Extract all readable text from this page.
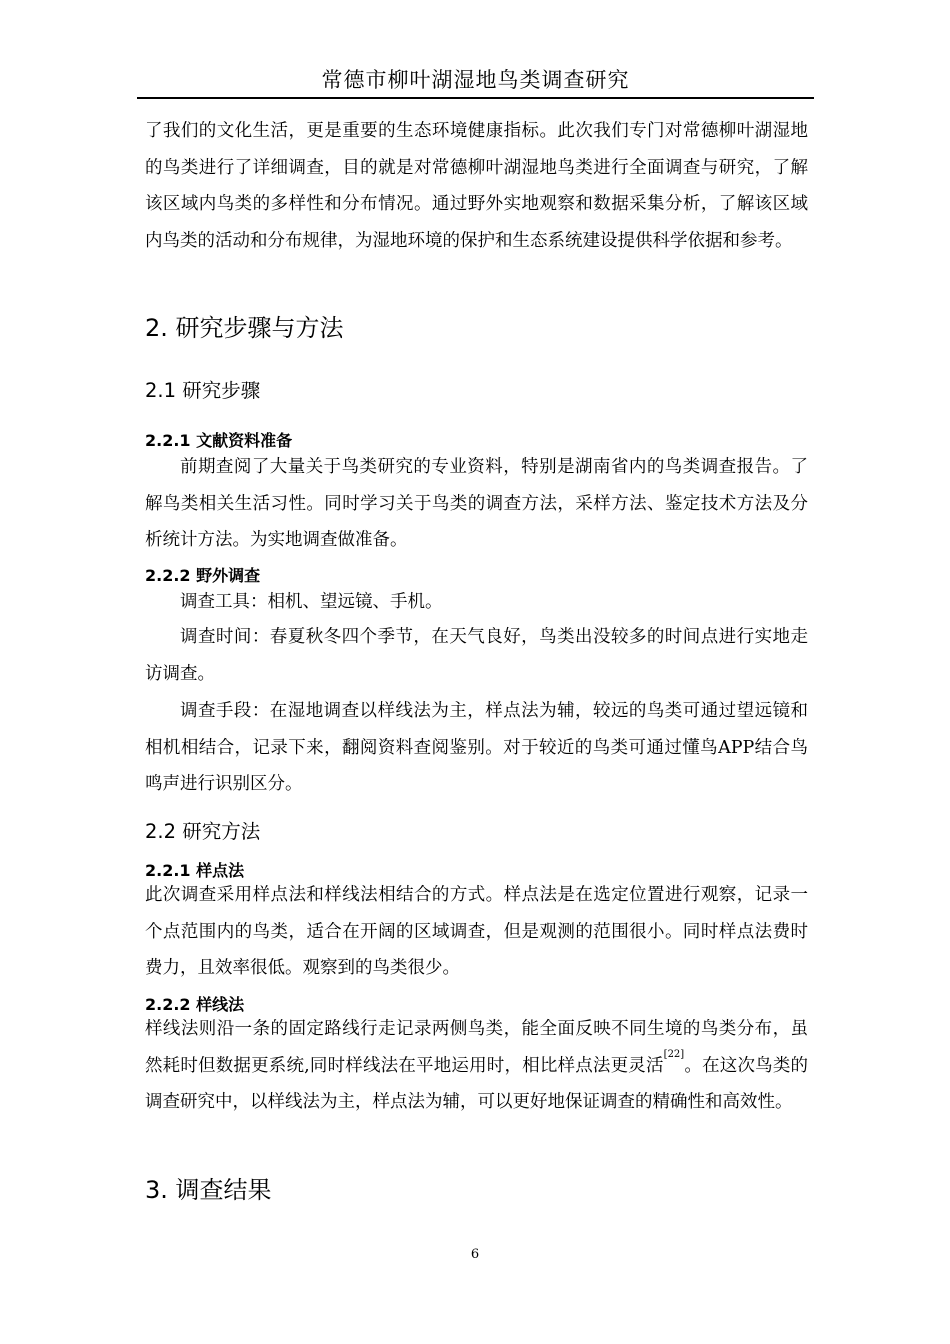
常德市柳叶湖湿地鸟类调查研究
了我们的文化生活，更是重要的生态环境健康指标。此次我们专门对常德柳叶湖湿地的鸟类进行了详细调查，目的就是对常德柳叶湖湿地鸟类进行全面调查与研究，了解该区域内鸟类的多样性和分布情况。通过野外实地观察和数据采集分析，了解该区域内鸟类的活动和分布规律，为湿地环境的保护和生态系统建设提供科学依据和参考。
2. 研究步骤与方法
2.1 研究步骤
2.2.1 文献资料准备
前期查阅了大量关于鸟类研究的专业资料，特别是湖南省内的鸟类调查报告。了解鸟类相关生活习性。同时学习关于鸟类的调查方法，采样方法、鉴定技术方法及分析统计方法。为实地调查做准备。
2.2.2 野外调查
调查工具：相机、望远镜、手机。
调查时间：春夏秋冬四个季节，在天气良好，鸟类出没较多的时间点进行实地走访调查。
调查手段：在湿地调查以样线法为主，样点法为辅，较远的鸟类可通过望远镜和相机相结合，记录下来，翻阅资料查阅鉴别。对于较近的鸟类可通过懂鸟APP结合鸟鸣声进行识别区分。
2.2 研究方法
2.2.1 样点法
此次调查采用样点法和样线法相结合的方式。样点法是在选定位置进行观察，记录一个点范围内的鸟类，适合在开阔的区域调查，但是观测的范围很小。同时样点法费时费力，且效率很低。观察到的鸟类很少。
2.2.2 样线法
样线法则沿一条的固定路线行走记录两侧鸟类，能全面反映不同生境的鸟类分布，虽然耗时但数据更系统,同时样线法在平地运用时，相比样点法更灵活[22]。在这次鸟类的调查研究中，以样线法为主，样点法为辅，可以更好地保证调查的精确性和高效性。
3. 调查结果
6
